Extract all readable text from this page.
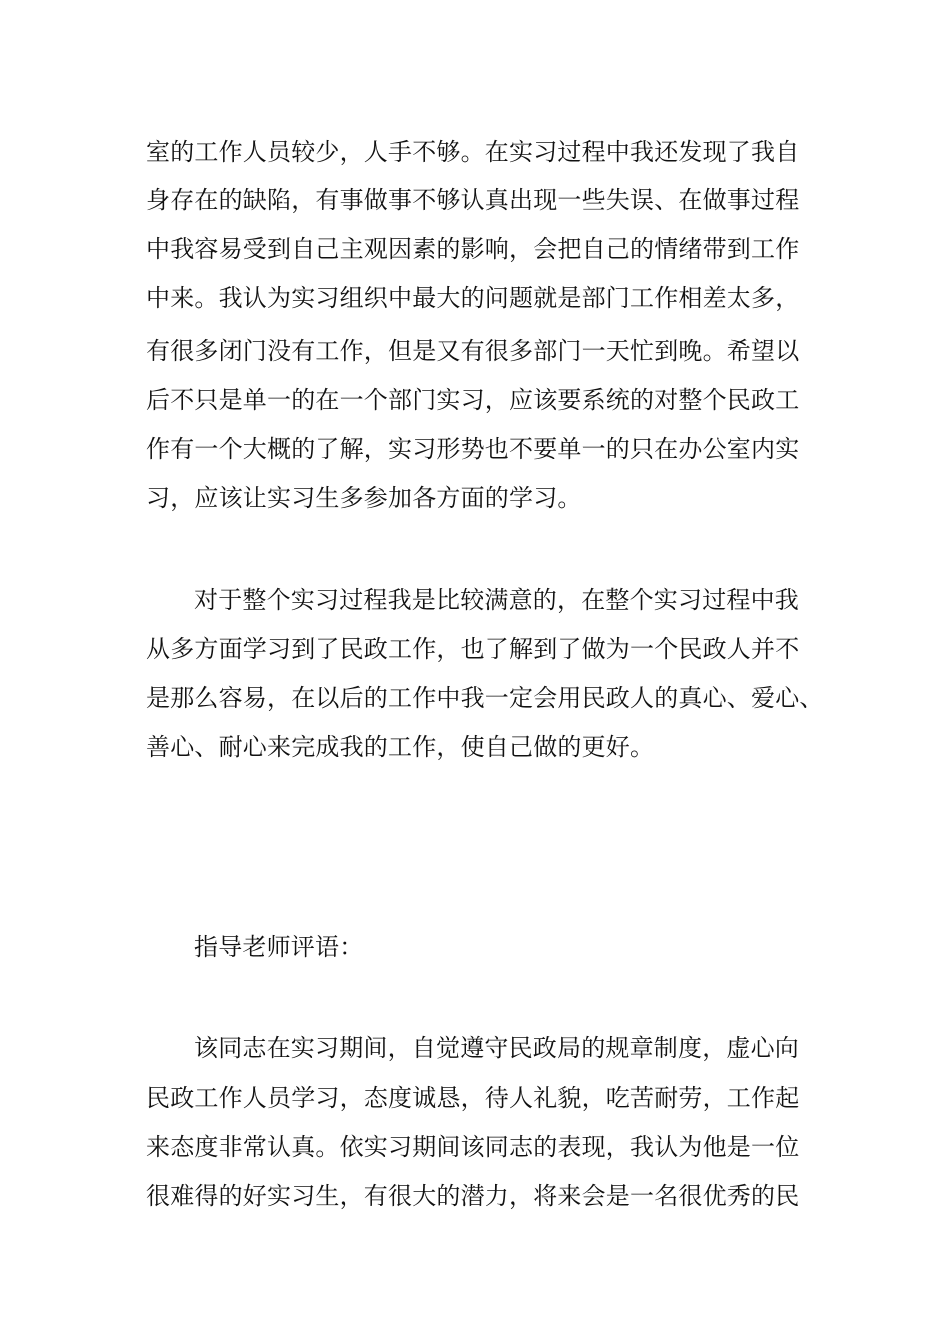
室的工作人员较少，人手不够。在实习过程中我还发现了我自
身存在的缺陷，有事做事不够认真出现一些失误、在做事过程
中我容易受到自己主观因素的影响，会把自己的情绪带到工作
中来。我认为实习组织中最大的问题就是部门工作相差太多，
有很多闭门没有工作，但是又有很多部门一天忙到晚。希望以
后不只是单一的在一个部门实习，应该要系统的对整个民政工
作有一个大概的了解，实习形势也不要单一的只在办公室内实
习，应该让实习生多参加各方面的学习。
对于整个实习过程我是比较满意的，在整个实习过程中我
从多方面学习到了民政工作，也了解到了做为一个民政人并不
是那么容易，在以后的工作中我一定会用民政人的真心、爱心、
善心、耐心来完成我的工作，使自己做的更好。
指导老师评语：
该同志在实习期间，自觉遵守民政局的规章制度，虚心向
民政工作人员学习，态度诚恳，待人礼貌，吃苦耐劳，工作起
来态度非常认真。依实习期间该同志的表现，我认为他是一位
很难得的好实习生，有很大的潜力，将来会是一名很优秀的民
